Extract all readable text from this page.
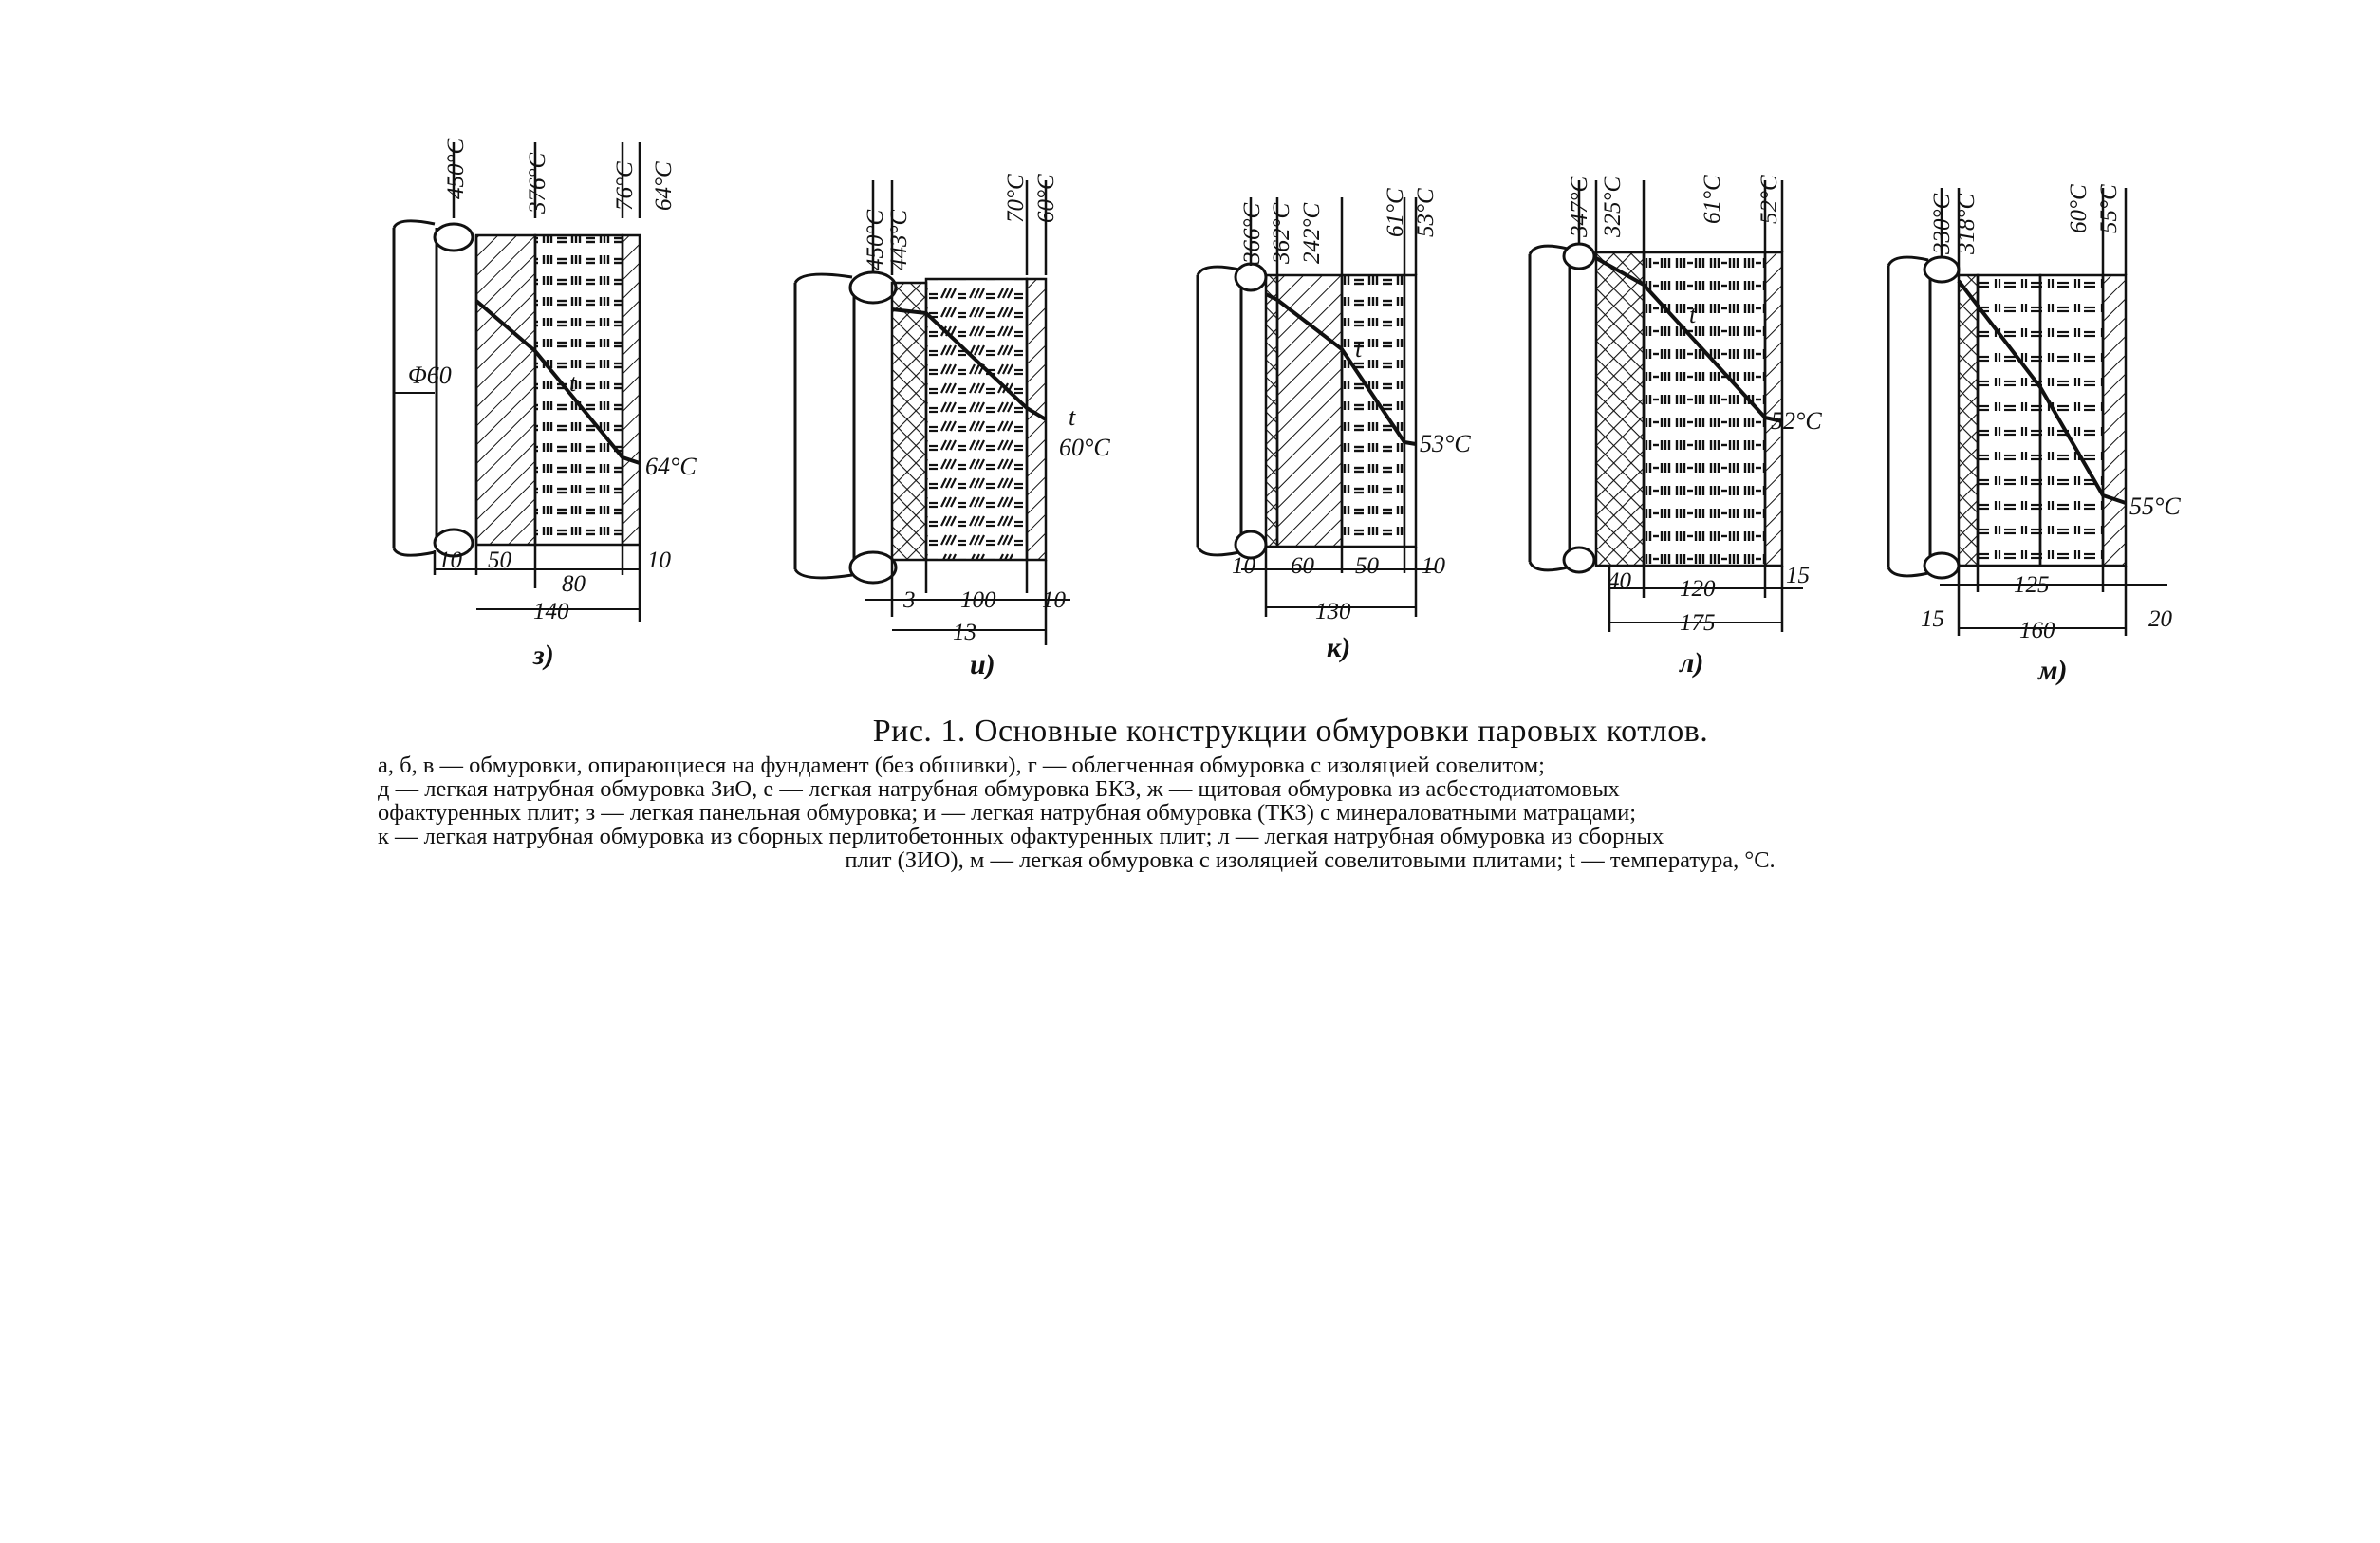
450°C 376°C	76°C 64°C
t
64°C
Φ60
10 50
80
10
140
з)
450°C
443°C
70°C 60°C
t
60°C
3 100 10
13
и)
366°C 362°C 242°C 61°C 53°C
t
53°C
10 60 50 10
130
к)
347°C 325°C	61°C 52°C
t
52°C
40 120
15
175
л)
330°C 318°C	60°C 55°C
55°C
15
125
20
160
м)
Рис. 1. Основные конструкции обмуровки паровых котлов.
а, б, в — обмуровки, опирающиеся на фундамент (без обшивки), г — облегченная обмуровка с изоляцией совелитом;
д — легкая натрубная обмуровка ЗиО, е — легкая натрубная обмуровка БКЗ, ж — щитовая обмуровка из асбестодиатомовых
офактуренных плит; з — легкая панельная обмуровка; и — легкая натрубная обмуровка (ТКЗ) с минераловатными матрацами;
к — легкая натрубная обмуровка из сборных перлитобетонных офактуренных плит; л — легкая натрубная обмуровка из сборных
плит (ЗИО), м — легкая обмуровка с изоляцией совелитовыми плитами; t — температура, °С.
